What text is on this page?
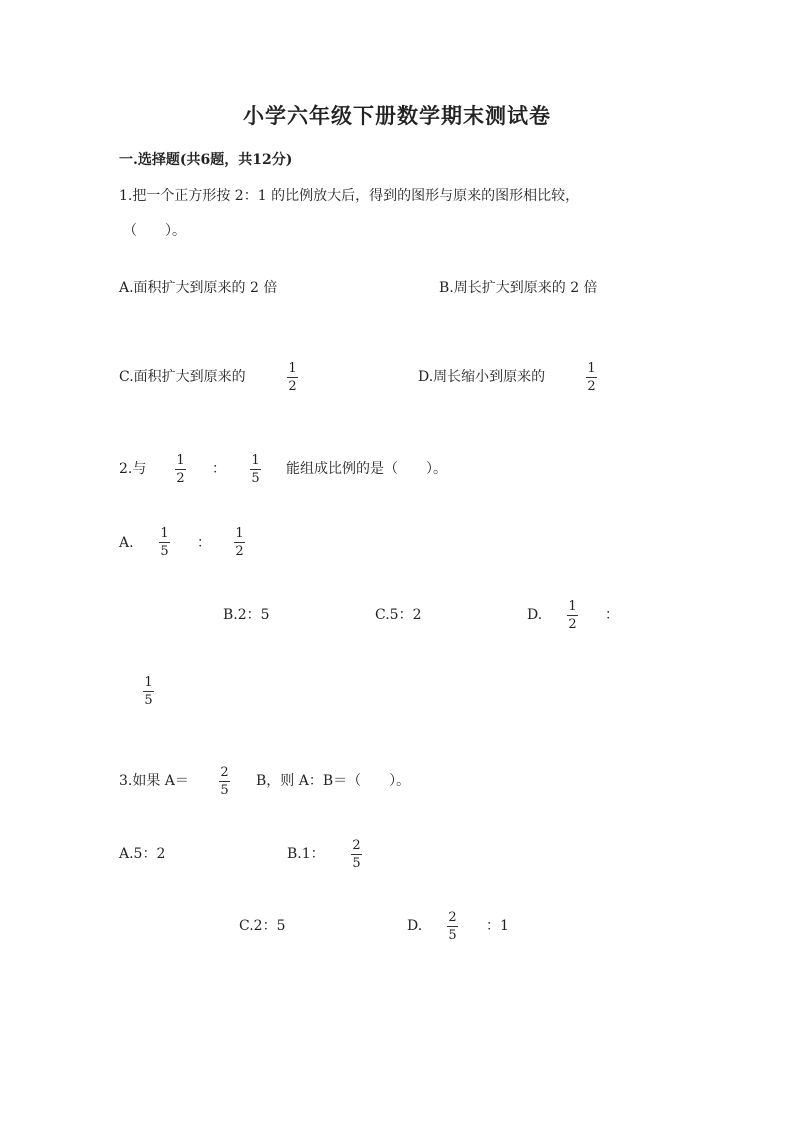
小学六年级下册数学期末测试卷
一.选择题(共6题，共12分)
1.把一个正方形按 2：1 的比例放大后，得到的图形与原来的图形相比较，
（　　）。
A.面积扩大到原来的 2 倍	B.周长扩大到原来的 2 倍
C.面积扩大到原来的
1
2
D.周长缩小到原来的
1
2
2.与
1
2
：
1
5
能组成比例的是（　　）。
A.
1
5
：
1
2
B.2：5	C.5：2	D.
1
2
：
1
5
3.如果 A＝
2
5
B，则 A：B＝（　　）。
A.5：2	B.1：
2
5
C.2：5	D.
2
5
：1
